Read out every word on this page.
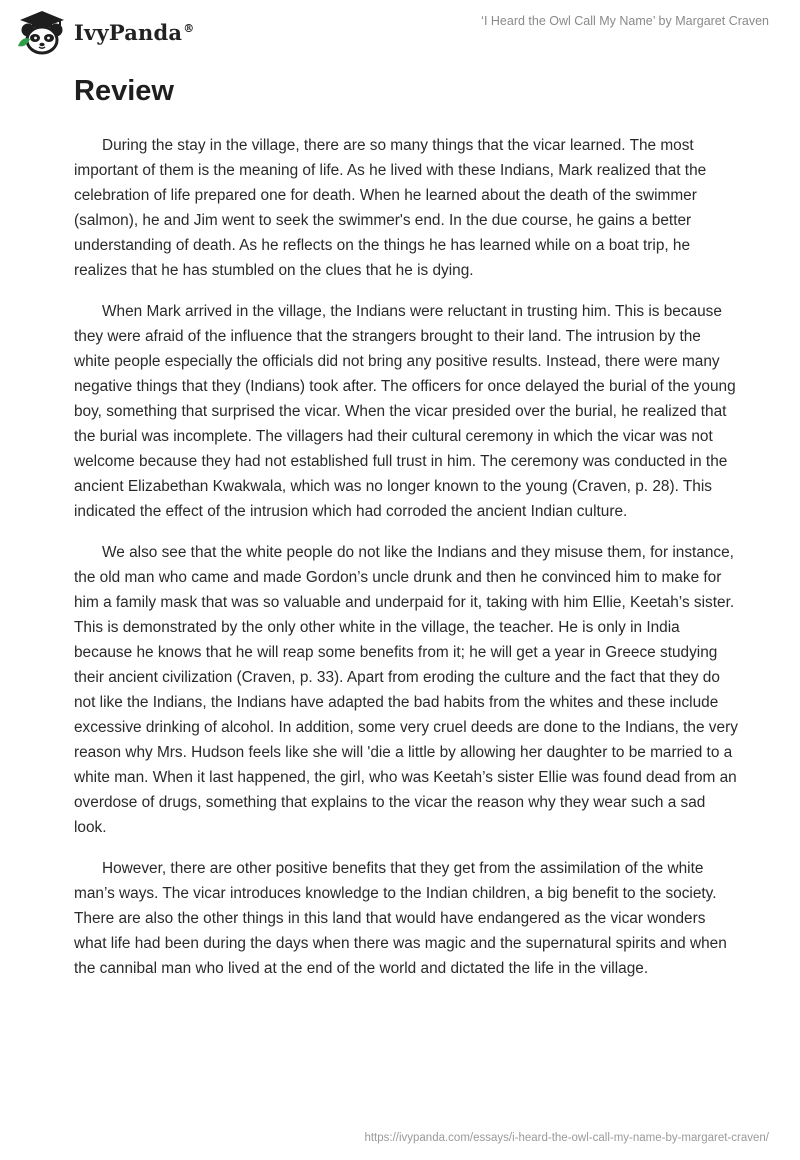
IvyPanda®	‘I Heard the Owl Call My Name’ by Margaret Craven
Review

During the stay in the village, there are so many things that the vicar learned. The most important of them is the meaning of life. As he lived with these Indians, Mark realized that the celebration of life prepared one for death. When he learned about the death of the swimmer (salmon), he and Jim went to seek the swimmer's end. In the due course, he gains a better understanding of death. As he reflects on the things he has learned while on a boat trip, he realizes that he has stumbled on the clues that he is dying.

When Mark arrived in the village, the Indians were reluctant in trusting him. This is because they were afraid of the influence that the strangers brought to their land. The intrusion by the white people especially the officials did not bring any positive results. Instead, there were many negative things that they (Indians) took after. The officers for once delayed the burial of the young boy, something that surprised the vicar. When the vicar presided over the burial, he realized that the burial was incomplete. The villagers had their cultural ceremony in which the vicar was not welcome because they had not established full trust in him. The ceremony was conducted in the ancient Elizabethan Kwakwala, which was no longer known to the young (Craven, p. 28). This indicated the effect of the intrusion which had corroded the ancient Indian culture.

We also see that the white people do not like the Indians and they misuse them, for instance, the old man who came and made Gordon’s uncle drunk and then he convinced him to make for him a family mask that was so valuable and underpaid for it, taking with him Ellie, Keetah’s sister. This is demonstrated by the only other white in the village, the teacher. He is only in India because he knows that he will reap some benefits from it; he will get a year in Greece studying their ancient civilization (Craven, p. 33). Apart from eroding the culture and the fact that they do not like the Indians, the Indians have adapted the bad habits from the whites and these include excessive drinking of alcohol. In addition, some very cruel deeds are done to the Indians, the very reason why Mrs. Hudson feels like she will 'die a little by allowing her daughter to be married to a white man. When it last happened, the girl, who was Keetah’s sister Ellie was found dead from an overdose of drugs, something that explains to the vicar the reason why they wear such a sad look.

However, there are other positive benefits that they get from the assimilation of the white man’s ways. The vicar introduces knowledge to the Indian children, a big benefit to the society. There are also the other things in this land that would have endangered as the vicar wonders what life had been during the days when there was magic and the supernatural spirits and when the cannibal man who lived at the end of the world and dictated the life in the village.

https://ivypanda.com/essays/i-heard-the-owl-call-my-name-by-margaret-craven/
